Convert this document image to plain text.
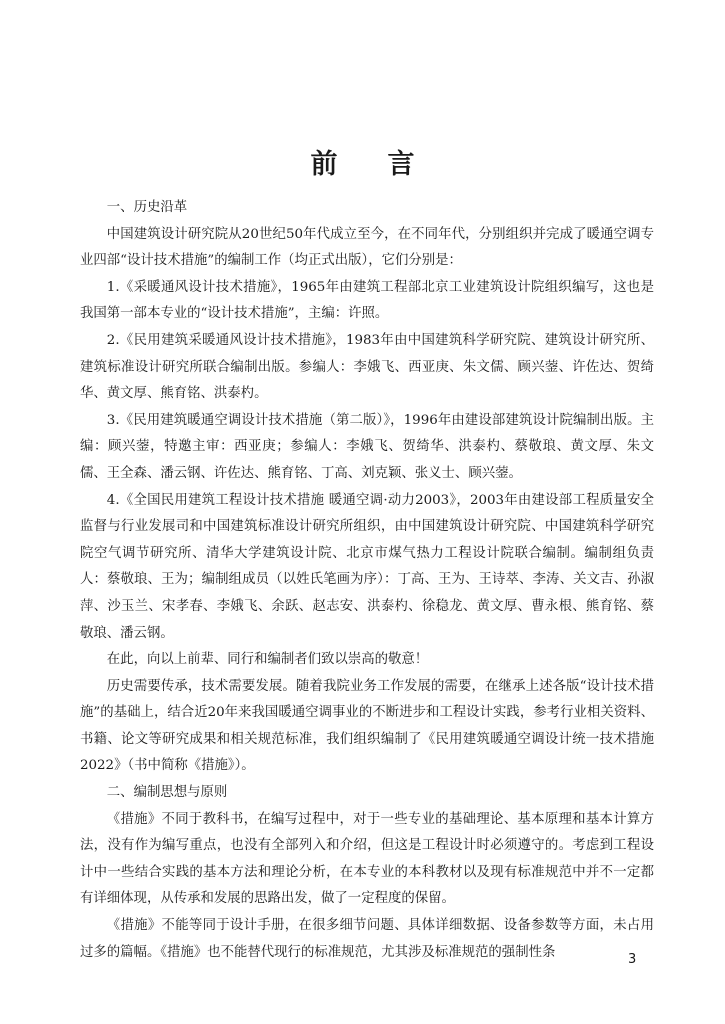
前言
一、历史沿革

中国建筑设计研究院从20世纪50年代成立至今，在不同年代，分别组织并完成了暖通空调专业四部“设计技术措施”的编制工作（均正式出版），它们分别是：

1.《采暖通风设计技术措施》，1965年由建筑工程部北京工业建筑设计院组织编写，这也是我国第一部本专业的“设计技术措施”，主编：许照。

2.《民用建筑采暖通风设计技术措施》，1983年由中国建筑科学研究院、建筑设计研究所、建筑标准设计研究所联合编制出版。参编人：李娥飞、西亚庚、朱文儒、顾兴蓥、许佐达、贺绮华、黄文厚、熊育铭、洪泰杓。

3.《民用建筑暖通空调设计技术措施（第二版）》，1996年由建设部建筑设计院编制出版。主编：顾兴蓥，特邀主审：西亚庚；参编人：李娥飞、贺绮华、洪泰杓、蔡敬琅、黄文厚、朱文儒、王全森、潘云钢、许佐达、熊育铭、丁高、刘克颖、张义士、顾兴蓥。

4.《全国民用建筑工程设计技术措施 暖通空调·动力2003》，2003年由建设部工程质量安全监督与行业发展司和中国建筑标准设计研究所组织，由中国建筑设计研究院、中国建筑科学研究院空气调节研究所、清华大学建筑设计院、北京市煤气热力工程设计院联合编制。编制组负责人：蔡敬琅、王为；编制组成员（以姓氏笔画为序）：丁高、王为、王诗萃、李涛、关文吉、孙淑萍、沙玉兰、宋孝春、李娥飞、余跃、赵志安、洪泰杓、徐稳龙、黄文厚、曹永根、熊育铭、蔡敬琅、潘云钢。

在此，向以上前辈、同行和编制者们致以崇高的敬意！

历史需要传承，技术需要发展。随着我院业务工作发展的需要，在继承上述各版“设计技术措施”的基础上，结合近20年来我国暖通空调事业的不断进步和工程设计实践，参考行业相关资料、书籍、论文等研究成果和相关规范标准，我们组织编制了《民用建筑暖通空调设计统一技术措施2022》（书中简称《措施》）。

二、编制思想与原则

《措施》不同于教科书，在编写过程中，对于一些专业的基础理论、基本原理和基本计算方法，没有作为编写重点，也没有全部列入和介绍，但这是工程设计时必须遵守的。考虑到工程设计中一些结合实践的基本方法和理论分析，在本专业的本科教材以及现有标准规范中并不一定都有详细体现，从传承和发展的思路出发，做了一定程度的保留。

《措施》不能等同于设计手册，在很多细节问题、具体详细数据、设备参数等方面，未占用过多的篇幅。《措施》也不能替代现行的标准规范，尤其涉及标准规范的强制性条	3
